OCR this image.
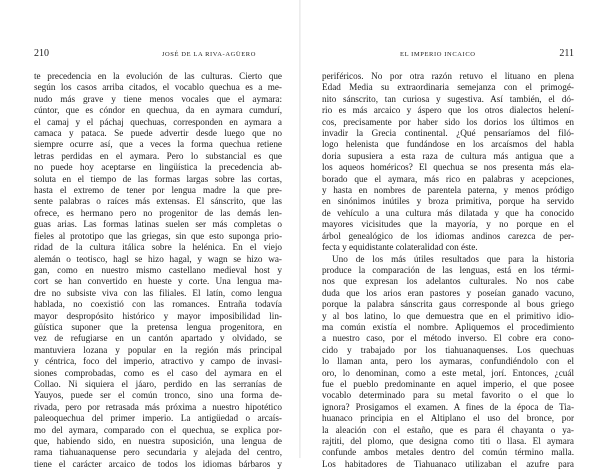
210	JOSÉ DE LA RIVA-AGÜERO

te precedencia en la evolución de las culturas. Cierto que

según los casos arriba citados, el vocablo quechua es a me-

nudo más grave y tiene menos vocales que el aymara:

cúntor, que es cóndor en quechua, da en aymara cumdurí,

el camaj y el páchaj quechuas, corresponden en aymara a

camaca y pataca. Se puede advertir desde luego que no

siempre ocurre así, que a veces la forma quechua retiene

letras perdidas en el aymara. Pero lo substancial es que

no puede hoy aceptarse en lingüística la precedencia ab-

soluta en el tiempo de las formas largas sobre las cortas,

hasta el extremo de tener por lengua madre la que pre-

sente palabras o raíces más extensas. El sánscrito, que las

ofrece, es hermano pero no progenitor de las demás len-

guas arias. Las formas latinas suelen ser más completas o

fieles al prototipo que las griegas, sin que esto suponga prio-

ridad de la cultura itálica sobre la helénica. En el viejo

alemán o teotisco, hagl se hizo hagal, y wagn se hizo wa-

gan, como en nuestro mismo castellano medieval host y

cort se han convertido en hueste y corte. Una lengua ma-

dre no subsiste viva con las filiales. El latín, como lengua

hablada, no coexistió con las romances. Entraña todavía

mayor despropósito histórico y mayor imposibilidad lin-

güística suponer que la pretensa lengua progenitora, en

vez de refugiarse en un cantón apartado y olvidado, se

mantuviera lozana y popular en la región más principal

y céntrica, foco del imperio, atractivo y campo de invasi-

siones comprobadas, como es el caso del aymara en el

Collao. Ni siquiera el jáaro, perdido en las serranías de

Yauyos, puede ser el común tronco, sino una forma de-

rivada, pero por retrasada más próxima a nuestro hipotético

paleoquechua del primer imperio. La antigüedad o arcaís-

mo del aymara, comparado con el quechua, se explica por-

que, habiendo sido, en nuestra suposición, una lengua de

rama tiahuanaquense pero secundaria y alejada del centro,

tiene el carácter arcaico de todos los idiomas bárbaros y

EL IMPERIO INCAICO	211

periféricos. No por otra razón retuvo el lituano en plena

Edad Media su extraordinaria semejanza con el primogé-

nito sánscrito, tan curiosa y sugestiva. Así también, el dó-

rio es más arcaico y áspero que los otros dialectos helení-

cos, precisamente por haber sido los dorios los últimos en

invadir la Grecia continental. ¿Qué pensaríamos del filó-

logo helenista que fundándose en los arcaísmos del habla

doria supusiera a esta raza de cultura más antigua que a

los aqueos homéricos? El quechua se nos presenta más ela-

borado que el aymara, más rico en palabras y acepciones,

y hasta en nombres de parentela paterna, y menos pródigo

en sinónimos inútiles y broza primitiva, porque ha servido

de vehículo a una cultura más dilatada y que ha conocido

mayores vicisitudes que la mayoría, y no porque en el

árbol genealógico de los idiomas andinos carezca de per-

fecta y equidistante colateralidad con éste.

Uno de los más útiles resultados que para la historia

produce la comparación de las lenguas, está en los térmi-

nos que expresan los adelantos culturales. No nos cabe

duda que los arios eran pastores y poseían ganado vacuno,

porque la palabra sánscrita gaus corresponde al bous griego

y al bos latino, lo que demuestra que en el primitivo idio-

ma común existía el nombre. Apliquemos el procedimiento

a nuestro caso, por el método inverso. El cobre era cono-

cido y trabajado por los tiahuanaquenses. Los quechuas

lo llaman anta, pero los aymaras, confundiéndolo con el

oro, lo denominan, como a este metal, jorí. Entonces, ¿cuál

fue el pueblo predominante en aquel imperio, el que posee

vocablo determinado para su metal favorito o el que lo

ignora? Prosigamos el examen. A fines de la época de Tia-

huanaco principia en el Altiplano el uso del bronce, por

la aleación con el estaño, que es para él chayanta o ya-

rajtiti, del plomo, que designa como titi o llasa. El aymara

confunde ambos metales dentro del común término malla.

Los habitadores de Tiahuanaco utilizaban el azufre para
